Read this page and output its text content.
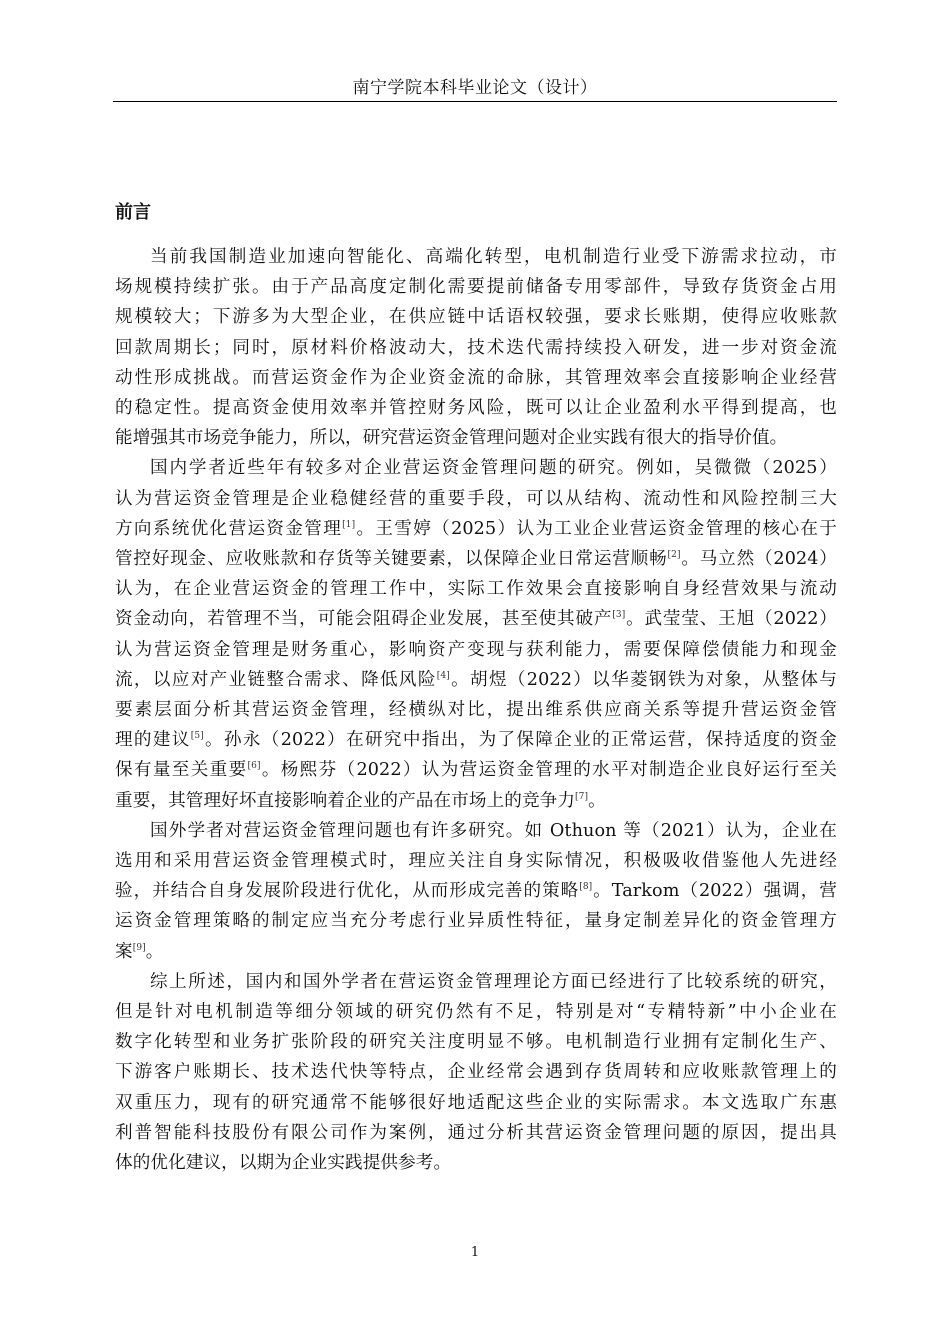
南宁学院本科毕业论文（设计）
前言

当前我国制造业加速向智能化、高端化转型，电机制造行业受下游需求拉动，市
场规模持续扩张。由于产品高度定制化需要提前储备专用零部件，导致存货资金占用
规模较大；下游多为大型企业，在供应链中话语权较强，要求长账期，使得应收账款
回款周期长；同时，原材料价格波动大，技术迭代需持续投入研发，进一步对资金流
动性形成挑战。而营运资金作为企业资金流的命脉，其管理效率会直接影响企业经营
的稳定性。提高资金使用效率并管控财务风险，既可以让企业盈利水平得到提高，也
能增强其市场竞争能力，所以，研究营运资金管理问题对企业实践有很大的指导价值。

国内学者近些年有较多对企业营运资金管理问题的研究。例如，吴微微（2025）
认为营运资金管理是企业稳健经营的重要手段，可以从结构、流动性和风险控制三大
方向系统优化营运资金管理[1]。王雪婷（2025）认为工业企业营运资金管理的核心在于
管控好现金、应收账款和存货等关键要素，以保障企业日常运营顺畅[2]。马立然（2024）
认为，在企业营运资金的管理工作中，实际工作效果会直接影响自身经营效果与流动
资金动向，若管理不当，可能会阻碍企业发展，甚至使其破产[3]。武莹莹、王旭（2022）
认为营运资金管理是财务重心，影响资产变现与获利能力，需要保障偿债能力和现金
流，以应对产业链整合需求、降低风险[4]。胡煜（2022）以华菱钢铁为对象，从整体与
要素层面分析其营运资金管理，经横纵对比，提出维系供应商关系等提升营运资金管
理的建议[5]。孙永（2022）在研究中指出，为了保障企业的正常运营，保持适度的资金
保有量至关重要[6]。杨熙芬（2022）认为营运资金管理的水平对制造企业良好运行至关
重要，其管理好坏直接影响着企业的产品在市场上的竞争力[7]。

国外学者对营运资金管理问题也有许多研究。如 Othuon 等（2021）认为，企业在
选用和采用营运资金管理模式时，理应关注自身实际情况，积极吸收借鉴他人先进经
验，并结合自身发展阶段进行优化，从而形成完善的策略[8]。Tarkom（2022）强调，营
运资金管理策略的制定应当充分考虑行业异质性特征，量身定制差异化的资金管理方
案[9]。

综上所述，国内和国外学者在营运资金管理理论方面已经进行了比较系统的研究，
但是针对电机制造等细分领域的研究仍然有不足，特别是对“专精特新”中小企业在
数字化转型和业务扩张阶段的研究关注度明显不够。电机制造行业拥有定制化生产、
下游客户账期长、技术迭代快等特点，企业经常会遇到存货周转和应收账款管理上的
双重压力，现有的研究通常不能够很好地适配这些企业的实际需求。本文选取广东惠
利普智能科技股份有限公司作为案例，通过分析其营运资金管理问题的原因，提出具
体的优化建议，以期为企业实践提供参考。

1
